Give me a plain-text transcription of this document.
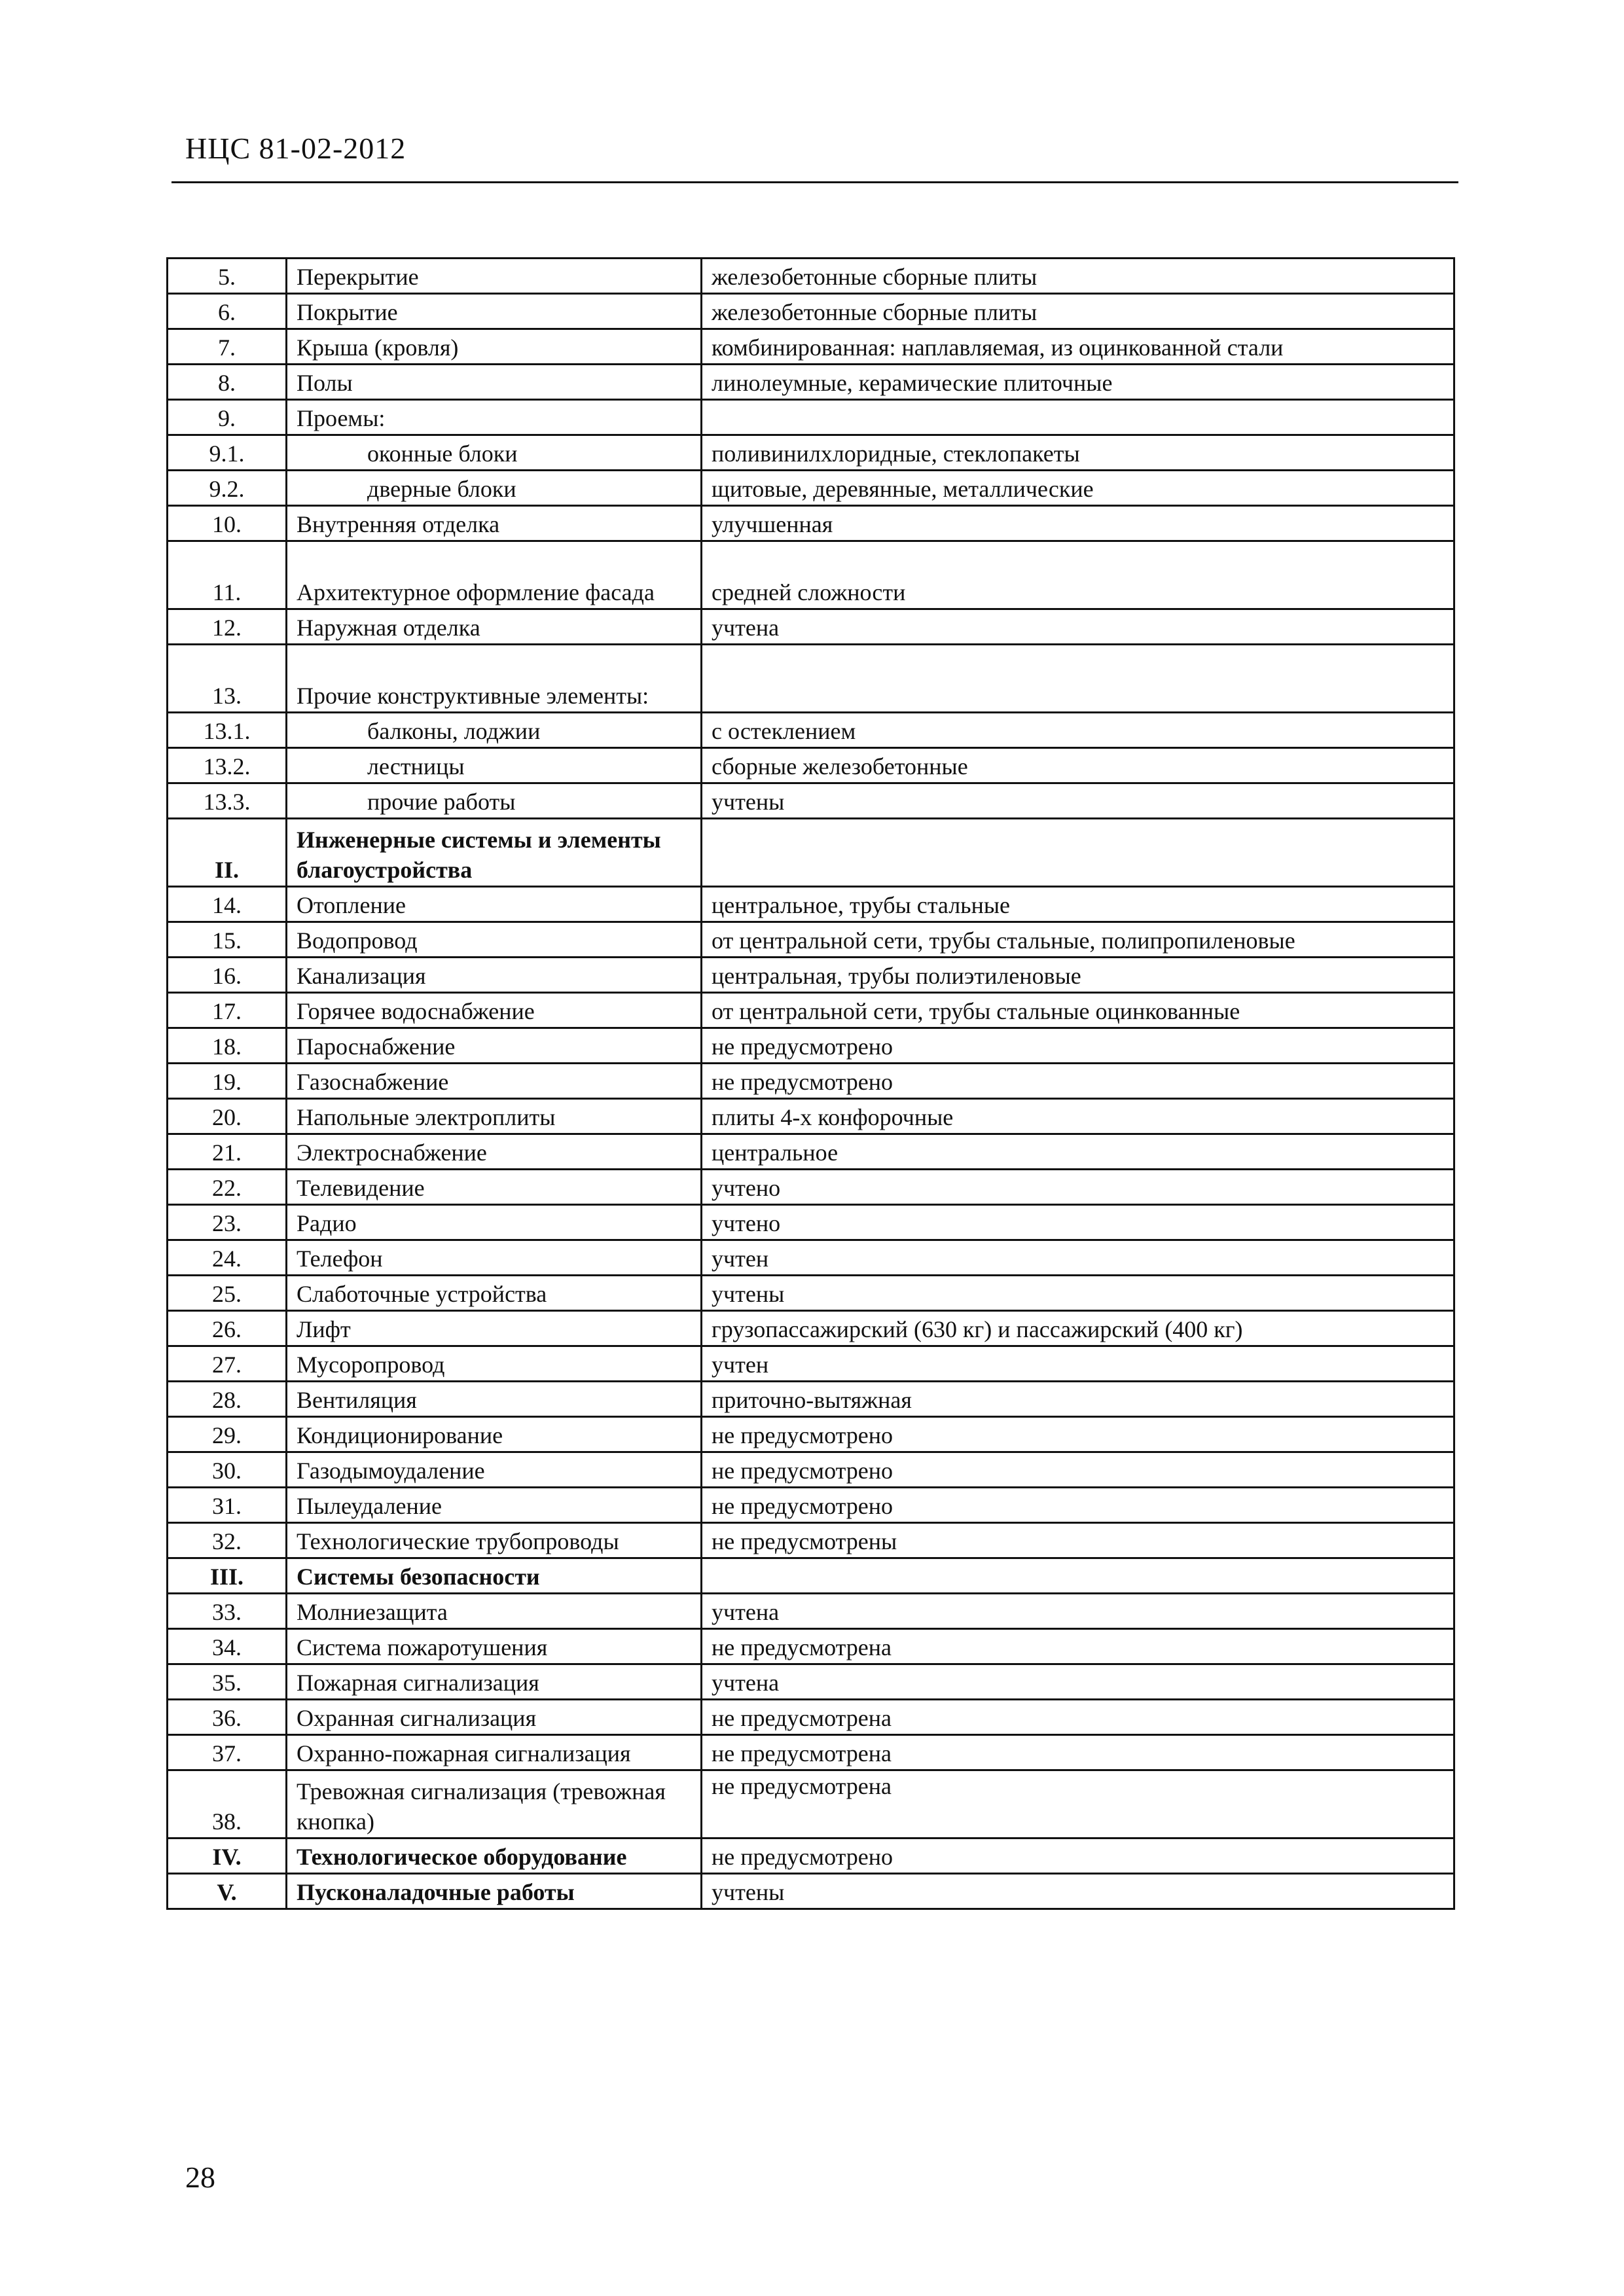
НЦС 81-02-2012
5.	Перекрытие	железобетонные сборные плиты
6.	Покрытие	железобетонные сборные плиты
7.	Крыша (кровля)	комбинированная: наплавляемая, из оцинкованной стали
8.	Полы	линолеумные, керамические плиточные
9.	Проемы:	
9.1.	оконные блоки	поливинилхлоридные, стеклопакеты
9.2.	дверные блоки	щитовые, деревянные, металлические
10.	Внутренняя отделка	улучшенная
11.	Архитектурное оформление фасада	средней сложности
12.	Наружная отделка	учтена
13.	Прочие конструктивные элементы:	
13.1.	балконы, лоджии	с остеклением
13.2.	лестницы	сборные железобетонные
13.3.	прочие работы	учтены
II.	Инженерные системы и элементы благоустройства	
14.	Отопление	центральное, трубы стальные
15.	Водопровод	от центральной сети, трубы стальные, полипропиленовые
16.	Канализация	центральная, трубы полиэтиленовые
17.	Горячее водоснабжение	от центральной сети, трубы стальные оцинкованные
18.	Пароснабжение	не предусмотрено
19.	Газоснабжение	не предусмотрено
20.	Напольные электроплиты	плиты 4-х конфорочные
21.	Электроснабжение	центральное
22.	Телевидение	учтено
23.	Радио	учтено
24.	Телефон	учтен
25.	Слаботочные устройства	учтены
26.	Лифт	грузопассажирский (630 кг) и пассажирский (400 кг)
27.	Мусоропровод	учтен
28.	Вентиляция	приточно-вытяжная
29.	Кондиционирование	не предусмотрено
30.	Газодымоудаление	не предусмотрено
31.	Пылеудаление	не предусмотрено
32.	Технологические трубопроводы	не предусмотрены
III.	Системы безопасности	
33.	Молниезащита	учтена
34.	Система пожаротушения	не предусмотрена
35.	Пожарная сигнализация	учтена
36.	Охранная сигнализация	не предусмотрена
37.	Охранно-пожарная сигнализация	не предусмотрена
38.	Тревожная сигнализация (тревожная кнопка)	не предусмотрена
IV.	Технологическое оборудование	не предусмотрено
V.	Пусконаладочные работы	учтены
28
